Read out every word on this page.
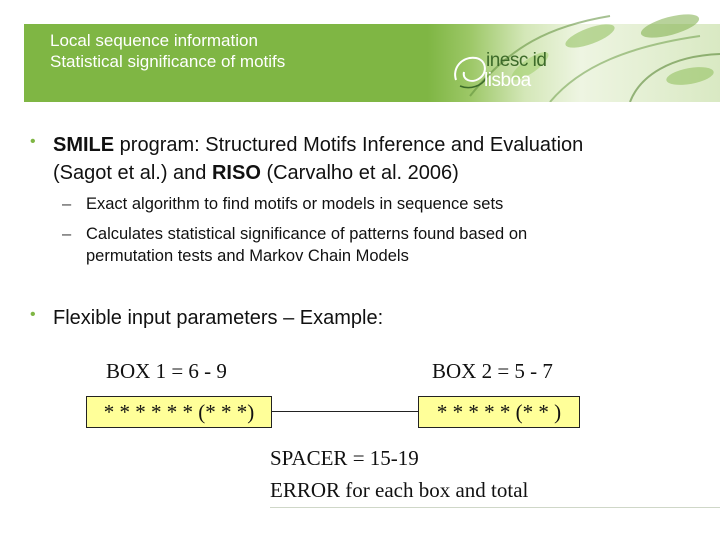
Local sequence information
Statistical significance of motifs	inesc id
lisboa
• SMILE program: Structured Motifs Inference and Evaluation
(Sagot et al.) and RISO (Carvalho et al. 2006)
– Exact algorithm to find motifs or models in sequence sets
– Calculates statistical significance of patterns found based on
permutation tests and Markov Chain Models
• Flexible input parameters – Example:
BOX 1 = 6 - 9	BOX 2 = 5 - 7
* * * * * * (* * *)	* * * * * (* * )
SPACER = 15-19
ERROR for each box and total
